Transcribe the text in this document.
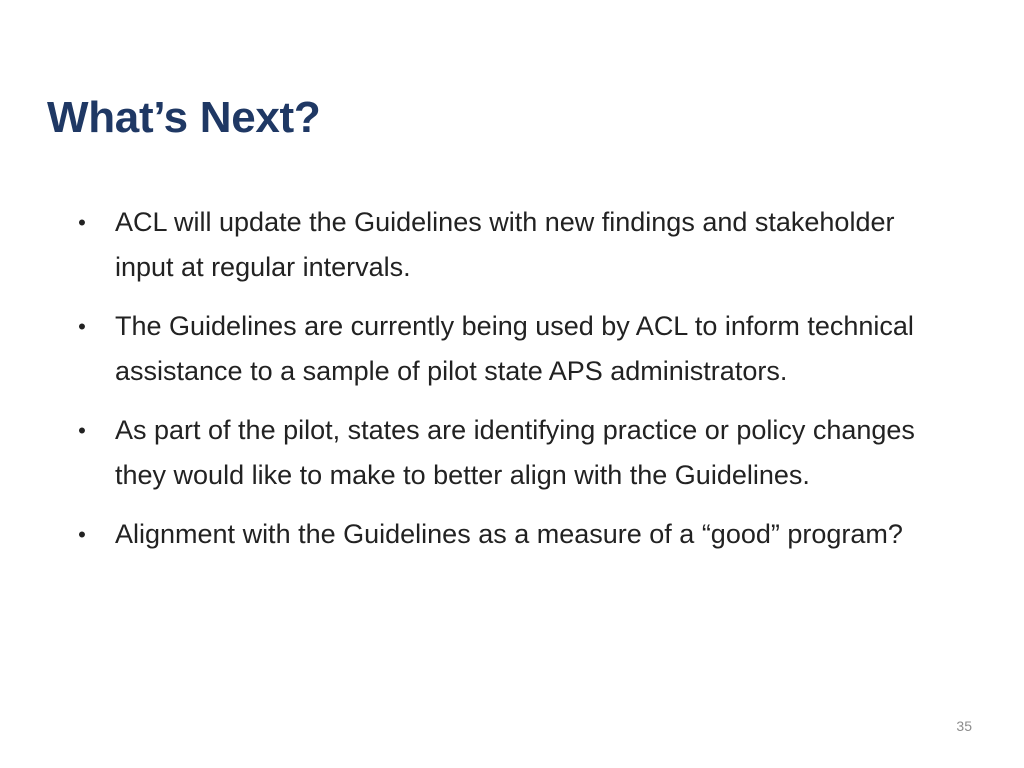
What’s Next?
• ACL will update the Guidelines with new findings and stakeholder input at regular intervals.
• The Guidelines are currently being used by ACL to inform technical assistance to a sample of pilot state APS administrators.
• As part of the pilot, states are identifying practice or policy changes they would like to make to better align with the Guidelines.
• Alignment with the Guidelines as a measure of a “good” program?
35
